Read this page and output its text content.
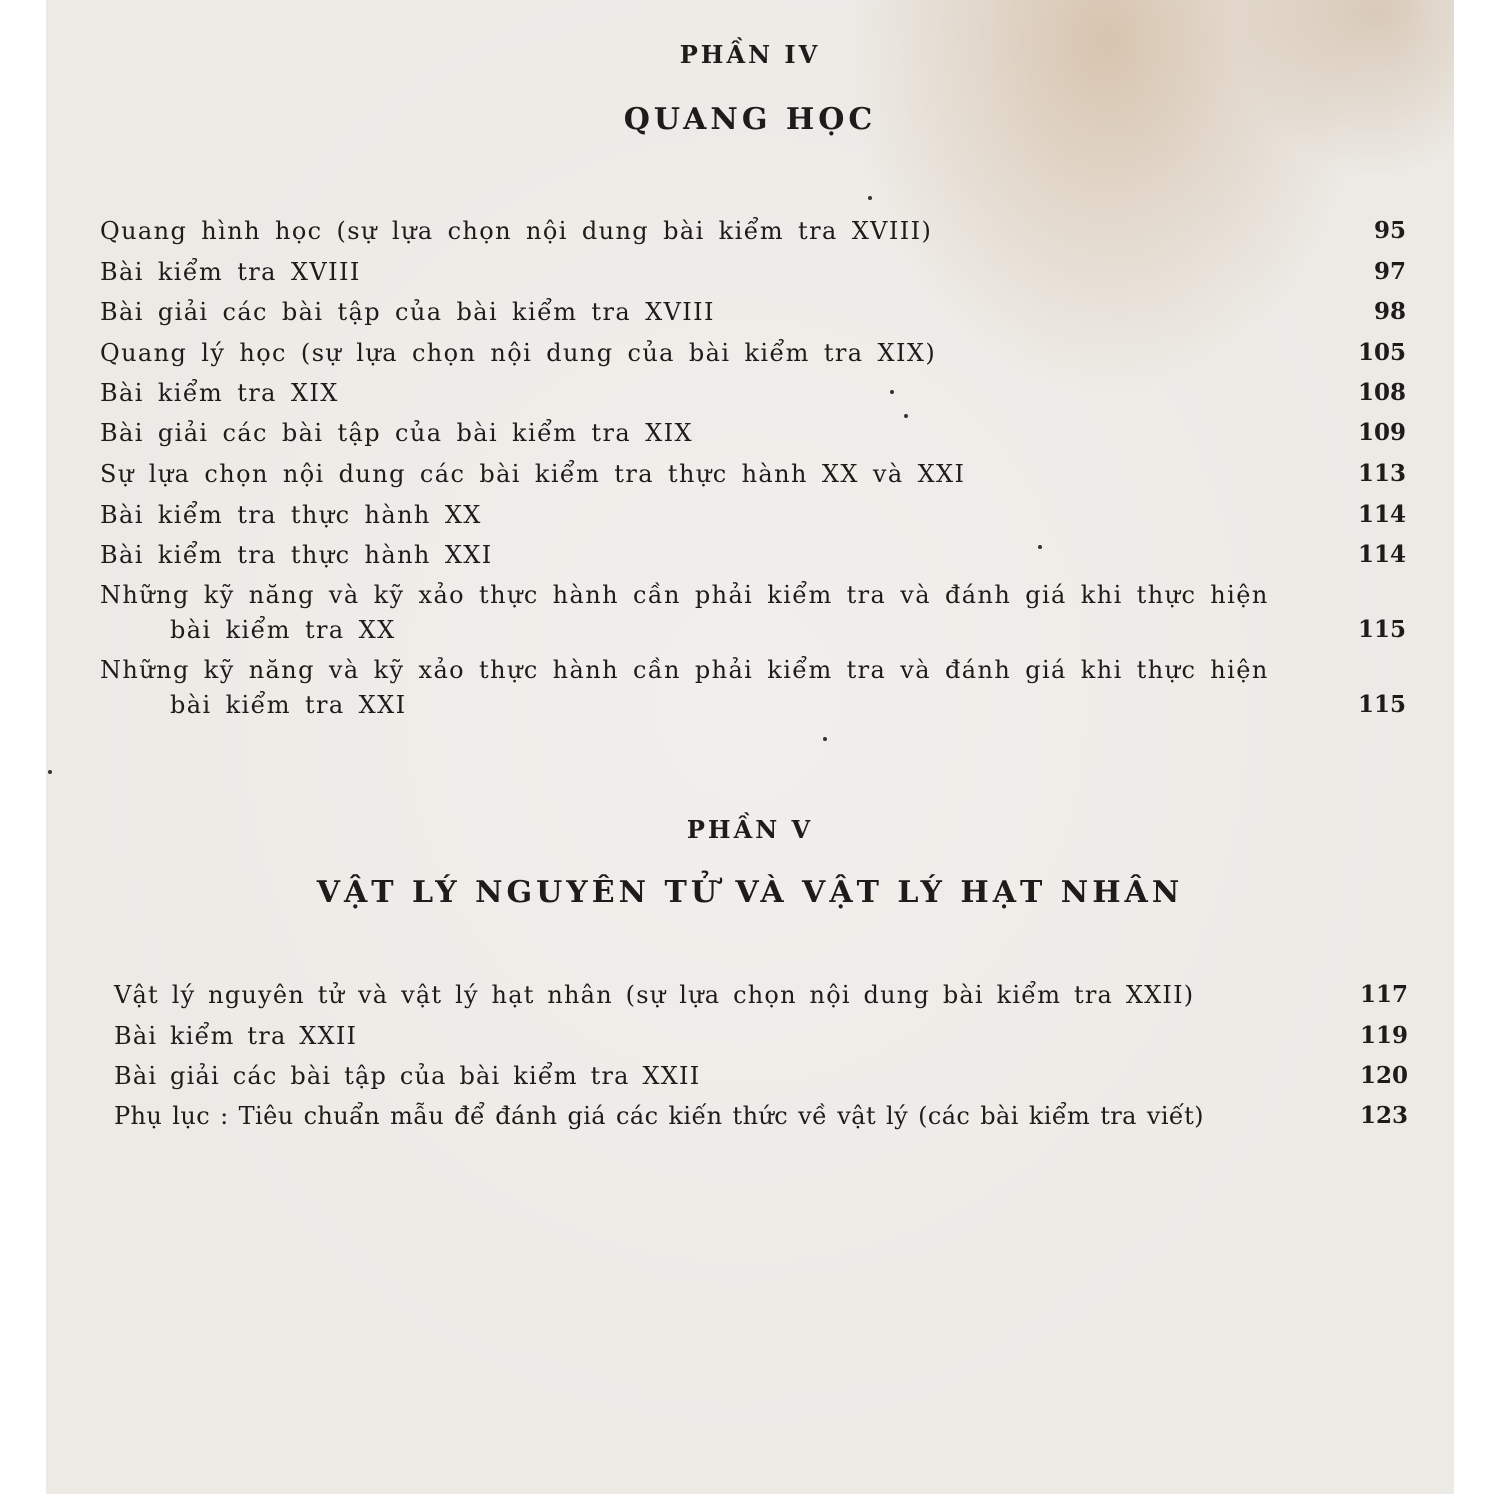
PHẦN IV
QUANG HỌC
Quang hình học (sự lựa chọn nội dung bài kiểm tra XVIII)	95
Bài kiểm tra XVIII	97
Bài giải các bài tập của bài kiểm tra XVIII	98
Quang lý học (sự lựa chọn nội dung của bài kiểm tra XIX)	105
Bài kiểm tra XIX	108
Bài giải các bài tập của bài kiểm tra XIX	109
Sự lựa chọn nội dung các bài kiểm tra thực hành XX và XXI	113
Bài kiểm tra thực hành XX	114
Bài kiểm tra thực hành XXI	114
Những kỹ năng và kỹ xảo thực hành cần phải kiểm tra và đánh giá khi thực hiện
bài kiểm tra XX	115
Những kỹ năng và kỹ xảo thực hành cần phải kiểm tra và đánh giá khi thực hiện
bài kiểm tra XXI	115
PHẦN V
VẬT LÝ NGUYÊN TỬ VÀ VẬT LÝ HẠT NHÂN
Vật lý nguyên tử và vật lý hạt nhân (sự lựa chọn nội dung bài kiểm tra XXII)	117
Bài kiểm tra XXII	119
Bài giải các bài tập của bài kiểm tra XXII	120
Phụ lục : Tiêu chuẩn mẫu để đánh giá các kiến thức về vật lý (các bài kiểm tra viết)	123
